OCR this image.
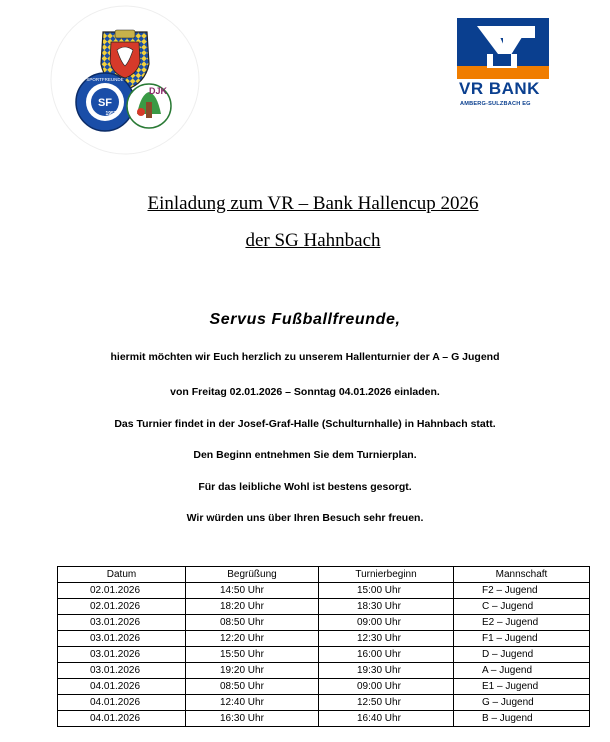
SF
1957
SPORTFREUNDE
DJK	VR BANK
AMBERG-SULZBACH EG
Einladung zum VR – Bank Hallencup 2026
der SG Hahnbach
Servus Fußballfreunde,
hiermit möchten wir Euch herzlich zu unserem Hallenturnier der A – G Jugend
von Freitag 02.01.2026 – Sonntag 04.01.2026 einladen.
Das Turnier findet in der Josef-Graf-Halle (Schulturnhalle) in Hahnbach statt.
Den Beginn entnehmen Sie dem Turnierplan.
Für das leibliche Wohl ist bestens gesorgt.
Wir würden uns über Ihren Besuch sehr freuen.
Datum	Begrüßung	Turnierbeginn	Mannschaft
02.01.2026	14:50 Uhr	15:00 Uhr	F2 – Jugend
02.01.2026	18:20 Uhr	18:30 Uhr	C – Jugend
03.01.2026	08:50 Uhr	09:00 Uhr	E2 – Jugend
03.01.2026	12:20 Uhr	12:30 Uhr	F1 – Jugend
03.01.2026	15:50 Uhr	16:00 Uhr	D – Jugend
03.01.2026	19:20 Uhr	19:30 Uhr	A – Jugend
04.01.2026	08:50 Uhr	09:00 Uhr	E1 – Jugend
04.01.2026	12:40 Uhr	12:50 Uhr	G – Jugend
04.01.2026	16:30 Uhr	16:40 Uhr	B – Jugend
